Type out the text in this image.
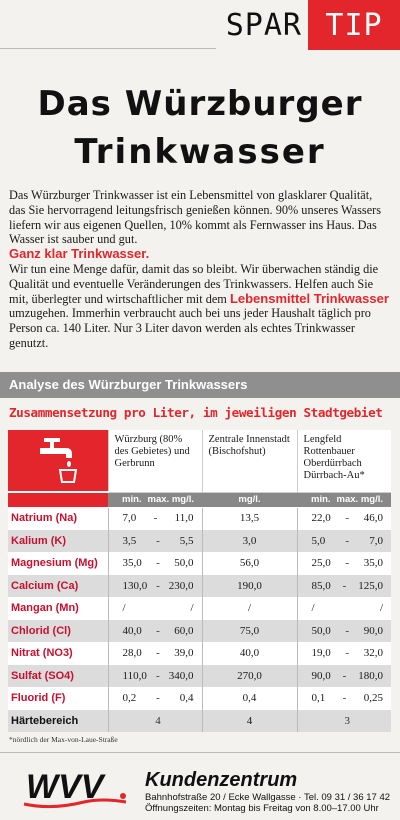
SPAR TIP
Das Würzburger
Trinkwasser

Das Würzburger Trinkwasser ist ein Lebensmittel von glasklarer Qualität, das Sie hervorragend leitungsfrisch genießen können. 90% unseres Wassers liefern wir aus eigenen Quellen, 10% kommt als Fernwasser ins Haus. Das Wasser ist sauber und gut.

Ganz klar Trinkwasser.

Wir tun eine Menge dafür, damit das so bleibt. Wir überwachen ständig die Qualität und eventuelle Veränderungen des Trinkwassers. Helfen auch Sie mit, überlegter und wirtschaftlicher mit dem Lebensmittel Trinkwasser umzugehen. Immerhin verbraucht auch bei uns jeder Haushalt täglich pro Person ca. 140 Liter. Nur 3 Liter davon werden als echtes Trinkwasser genutzt.

Analyse des Würzburger Trinkwassers
Zusammensetzung pro Liter, im jeweiligen Stadtgebiet
	Würzburg (80% des Gebietes) und Gerbrunn	Zentrale Innenstadt (Bischofshut)	Lengfeld Rottenbauer Oberdürrbach Dürrbach-Au*

	min. max. mg/l.	mg/l.	min. max. mg/l.

Natrium (Na)	7,0 - 11,0	13,5	22,0 - 46,0

Kalium (K)	3,5 - 5,5	3,0	5,0 - 7,0

Magnesium (Mg)	35,0 - 50,0	56,0	25,0 - 35,0

Calcium (Ca)	130,0 - 230,0	190,0	85,0 - 125,0

Mangan (Mn)	/ /	/	/ /

Chlorid (Cl)	40,0 - 60,0	75,0	50,0 - 90,0

Nitrat (NO3)	28,0 - 39,0	40,0	19,0 - 32,0

Sulfat (SO4)	110,0 - 340,0	270,0	90,0 - 180,0

Fluorid (F)	0,2 - 0,4	0,4	0,1 - 0,25

Härtebereich	4	4	3
*nördlich der Max-von-Laue-Straße
WVV Kundenzentrum
Bahnhofstraße 20 / Ecke Wallgasse · Tel. 09 31 / 36 17 42
Öffnungszeiten: Montag bis Freitag von 8.00–17.00 Uhr
